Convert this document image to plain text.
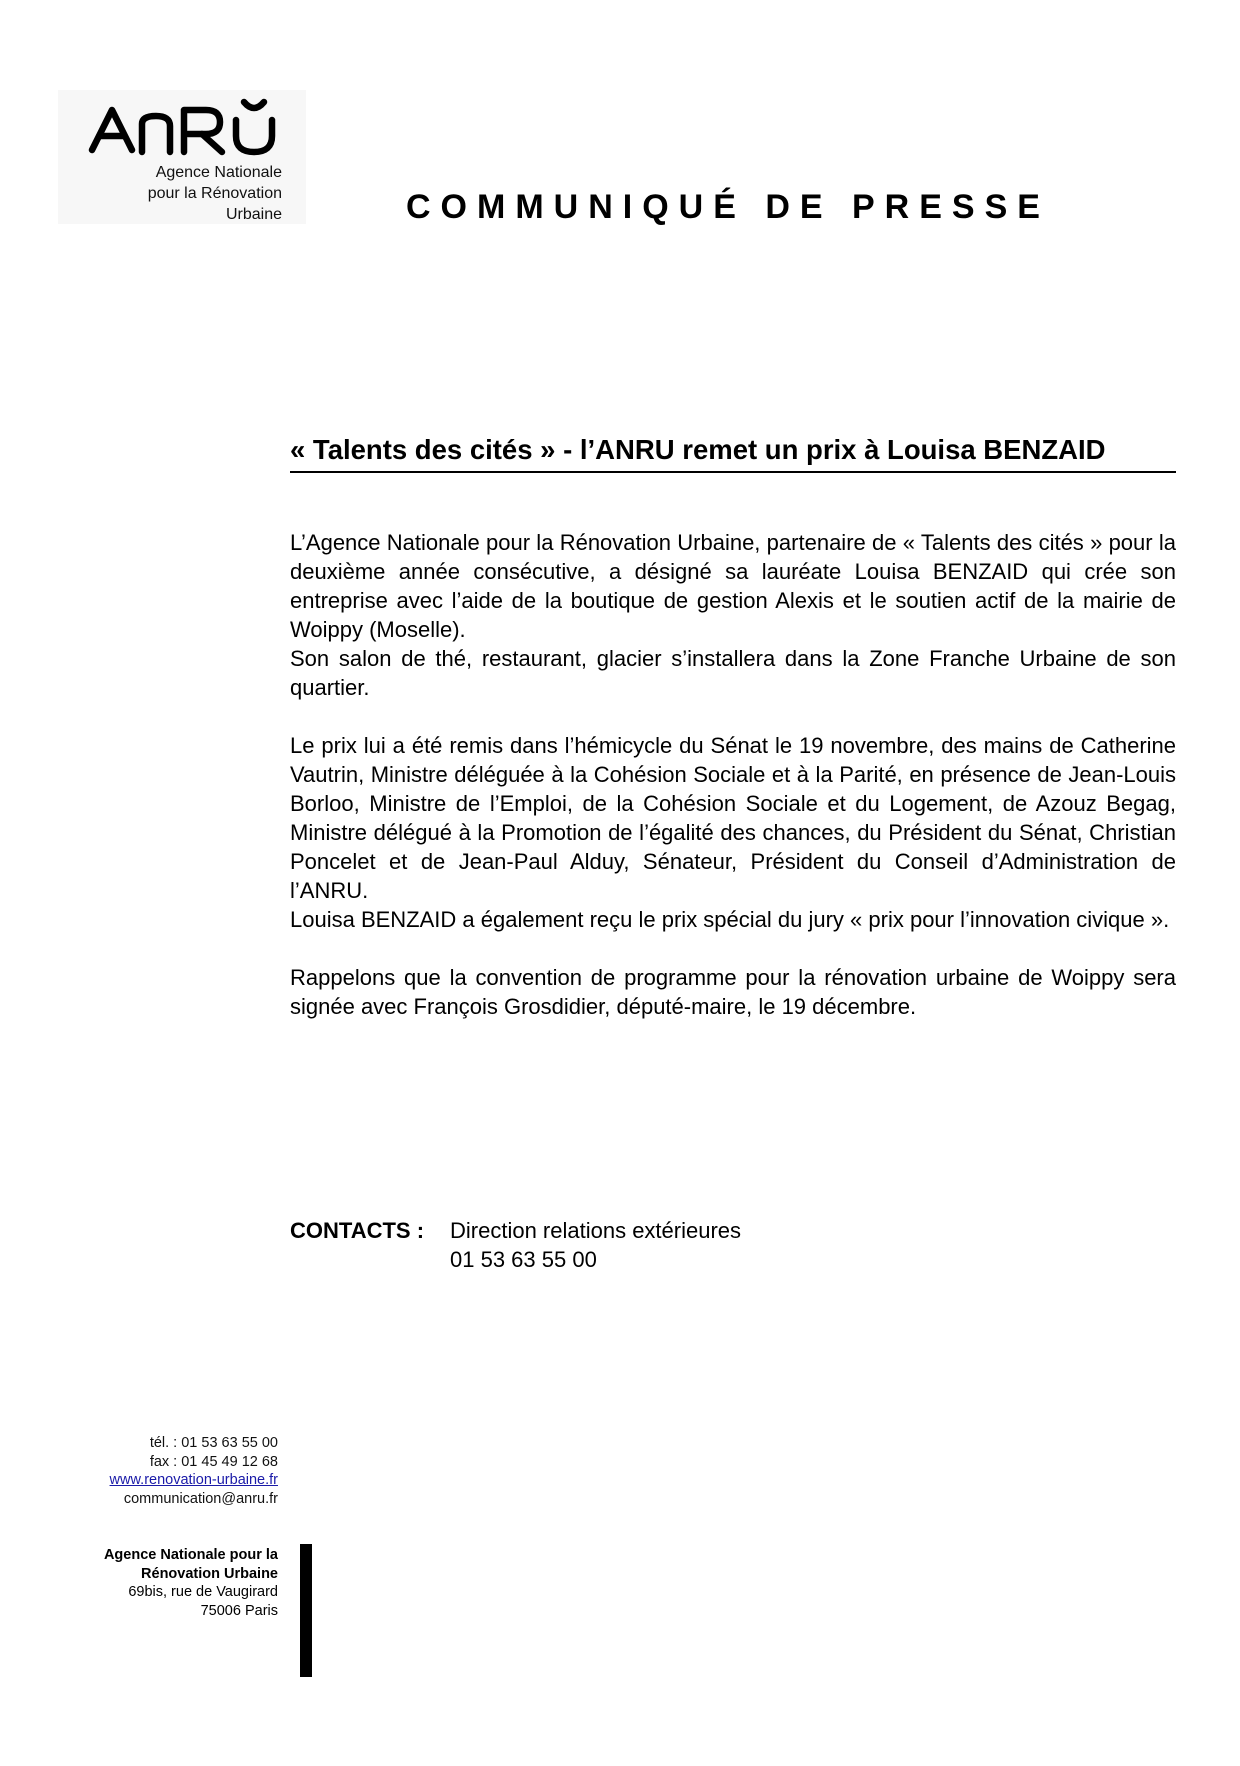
Agence Nationale
pour la Rénovation
Urbaine	COMMUNIQUÉ DE PRESSE
« Talents des cités » - l’ANRU remet un prix à Louisa BENZAID

L’Agence Nationale pour la Rénovation Urbaine, partenaire de « Talents des cités » pour la deuxième année consécutive, a désigné sa lauréate Louisa BENZAID qui crée son entreprise avec l’aide de la boutique de gestion Alexis et le soutien actif de la mairie de Woippy (Moselle).
Son salon de thé, restaurant, glacier s’installera dans la Zone Franche Urbaine de son quartier.

Le prix lui a été remis dans l’hémicycle du Sénat le 19 novembre, des mains de Catherine Vautrin, Ministre déléguée à la Cohésion Sociale et à la Parité, en présence de Jean-Louis Borloo, Ministre de l’Emploi, de la Cohésion Sociale et du Logement, de Azouz Begag, Ministre délégué à la Promotion de l’égalité des chances, du Président du Sénat, Christian Poncelet et de Jean-Paul Alduy, Sénateur, Président du Conseil d’Administration de l’ANRU.
Louisa BENZAID a également reçu le prix spécial du jury « prix pour l’innovation civique ».

Rappelons que la convention de programme pour la rénovation urbaine de Woippy sera signée avec François Grosdidier, député-maire, le 19 décembre.

CONTACTS : Direction relations extérieures
01 53 63 55 00
tél. : 01 53 63 55 00
fax : 01 45 49 12 68
www.renovation-urbaine.fr
communication@anru.fr
Agence Nationale pour la
Rénovation Urbaine
69bis, rue de Vaugirard
75006 Paris
